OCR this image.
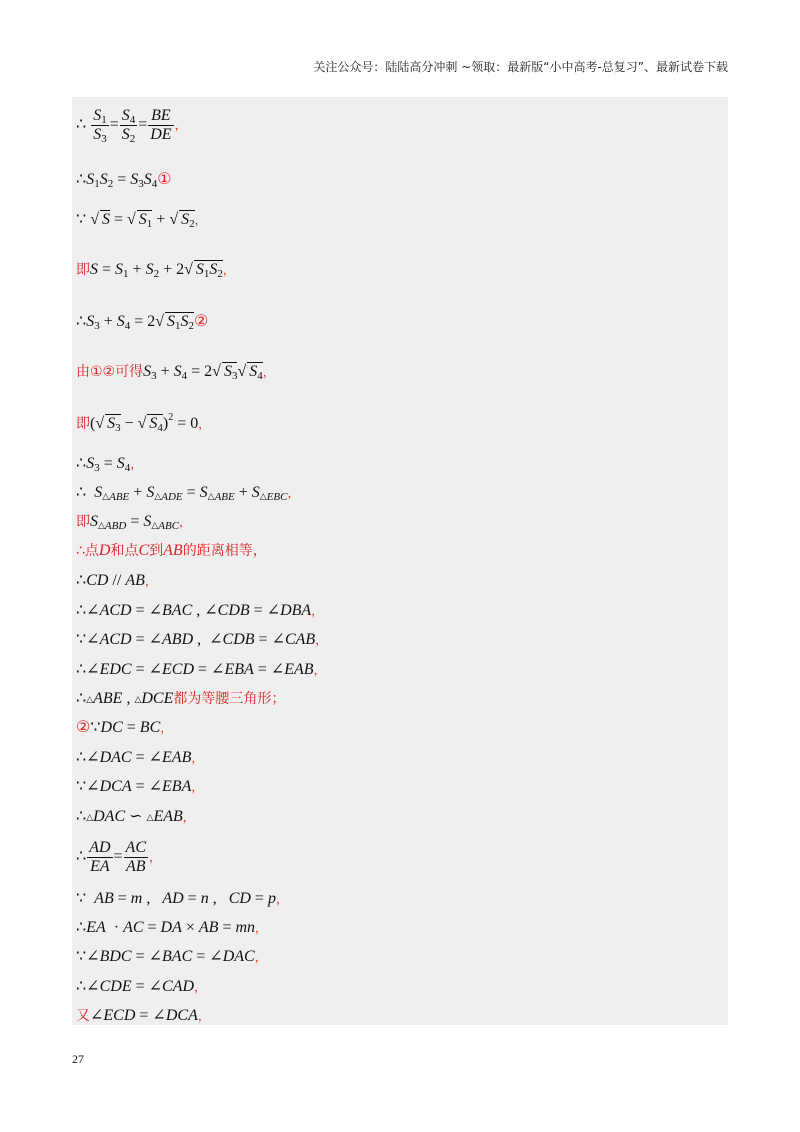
关注公众号：陆陆高分冲刺 ~领取：最新版“小中高考-总复习”、最新试卷下载
∴ $\frac{S_1}{S_3} = \frac{S_4}{S_2} = \frac{BE}{DE}$ ，
$\therefore S_1S_2$ = $S_3S_4①$
∵ √ S = √ $S_1$ + √ $S_2$，
即$S = S_1 + S_2 + 2√$ $S_1S_2$，
$\therefore S_3 + S_4 = 2√$ $S_1S_2②$
由①②可得$S_3 + S_4 = 2√$ $S_3√$ $S_4$，
即(√ $S_3$ − √ $S_4)^2 = 0$，
$\therefore S_3 = S_4$，
∴  $S_{\triangle ABE} + S_{\triangle ADE} = S_{\triangle ABE} + S_{\triangle EBC}$，
即$S_{\triangle ABD} = S_{\triangle ABC}$，
∴点D和点C到AB的距离相等，
∴CD // AB，
∴∠ACD = ∠BAC , ∠CDB = ∠DBA，
∵∠ACD = ∠ABD ,  ∠CDB = ∠CAB，
∴∠EDC = ∠ECD = ∠EBA = ∠EAB，
∴△ABE , △DCE都为等腰三角形；
②∵DC = BC，
∴∠DAC = ∠EAB，
∵∠DCA = ∠EBA，
∴△DAC ∽ △EAB，
∴ $\frac{AD}{EA} = \frac{AC}{AB}$ ，
∵  AB = m ,   AD = n ,   CD = p，
∴EA  · AC = DA × AB = mn，
∵∠BDC = ∠BAC = ∠DAC，
∴∠CDE = ∠CAD，
又∠ECD = ∠DCA，
27
